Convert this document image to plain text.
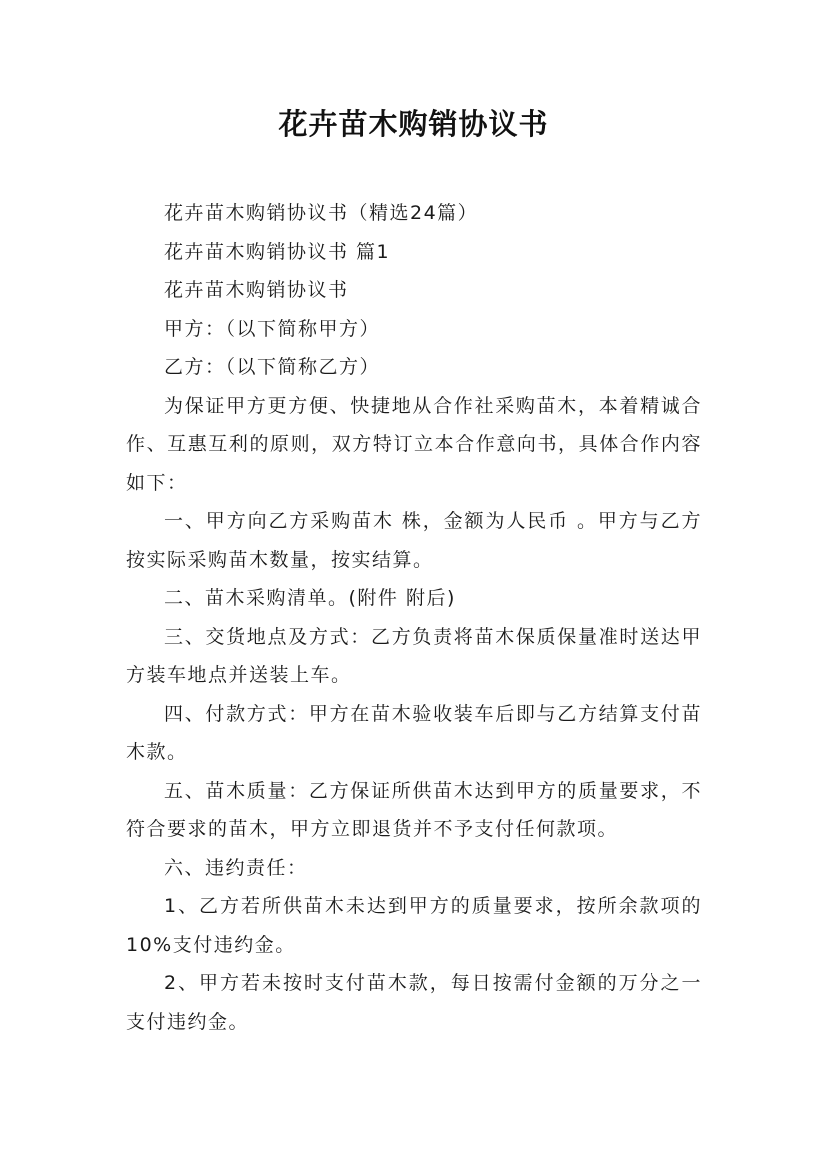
花卉苗木购销协议书

花卉苗木购销协议书（精选24篇）

花卉苗木购销协议书 篇1

花卉苗木购销协议书

甲方：（以下简称甲方）

乙方：（以下简称乙方）

为保证甲方更方便、快捷地从合作社采购苗木，本着精诚合作、互惠互利的原则，双方特订立本合作意向书，具体合作内容如下：

一、甲方向乙方采购苗木 株，金额为人民币 。甲方与乙方按实际采购苗木数量，按实结算。

二、苗木采购清单。(附件 附后)

三、交货地点及方式：乙方负责将苗木保质保量准时送达甲方装车地点并送装上车。

四、付款方式：甲方在苗木验收装车后即与乙方结算支付苗木款。

五、苗木质量：乙方保证所供苗木达到甲方的质量要求，不符合要求的苗木，甲方立即退货并不予支付任何款项。

六、违约责任：

1、乙方若所供苗木未达到甲方的质量要求，按所余款项的10%支付违约金。

2、甲方若未按时支付苗木款，每日按需付金额的万分之一支付违约金。
